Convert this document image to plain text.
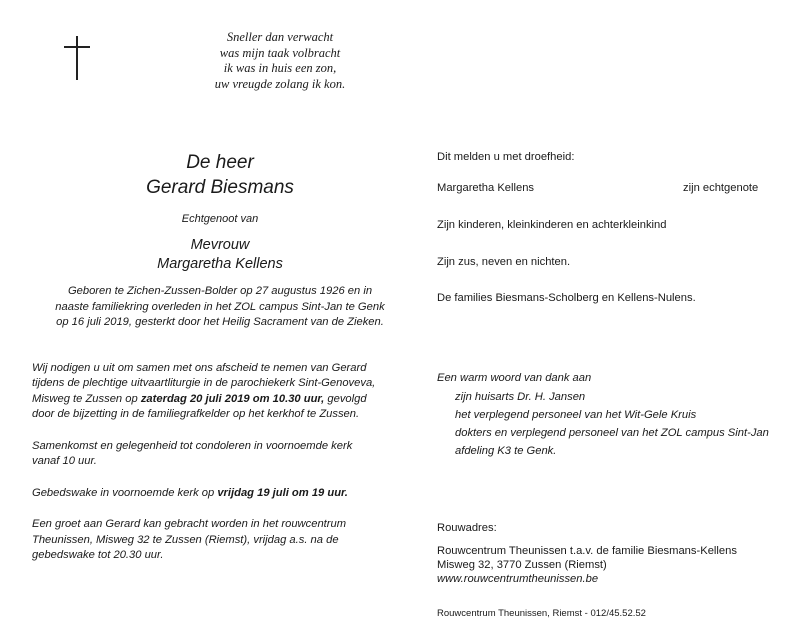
Sneller dan verwacht
was mijn taak volbracht
ik was in huis een zon,
uw vreugde zolang ik kon.
De heer
Gerard Biesmans
Echtgenoot van
Mevrouw
Margaretha Kellens
Geboren te Zichen-Zussen-Bolder op 27 augustus 1926 en in
naaste familiekring overleden in het ZOL campus Sint-Jan te Genk
op 16 juli 2019, gesterkt door het Heilig Sacrament van de Zieken.
Wij nodigen u uit om samen met ons afscheid te nemen van Gerard
tijdens de plechtige uitvaartliturgie in de parochiekerk Sint-Genoveva,
Misweg te Zussen op zaterdag 20 juli 2019 om 10.30 uur, gevolgd
door de bijzetting in de familiegrafkelder op het kerkhof te Zussen.
Samenkomst en gelegenheid tot condoleren in voornoemde kerk
vanaf 10 uur.
Gebedswake in voornoemde kerk op vrijdag 19 juli om 19 uur.
Een groet aan Gerard kan gebracht worden in het rouwcentrum
Theunissen, Misweg 32 te Zussen (Riemst), vrijdag a.s. na de
gebedswake tot 20.30 uur.
Dit melden u met droefheid:
Margaretha Kellens	zijn echtgenote
Zijn kinderen, kleinkinderen en achterkleinkind
Zijn zus, neven en nichten.
De families Biesmans-Scholberg en Kellens-Nulens.
Een warm woord van dank aan
zijn huisarts Dr. H. Jansen
het verplegend personeel van het Wit-Gele Kruis
dokters en verplegend personeel van het ZOL campus Sint-Jan
afdeling K3 te Genk.
Rouwadres:
Rouwcentrum Theunissen t.a.v. de familie Biesmans-Kellens
Misweg 32, 3770 Zussen (Riemst)
www.rouwcentrumtheunissen.be
Rouwcentrum Theunissen, Riemst - 012/45.52.52
